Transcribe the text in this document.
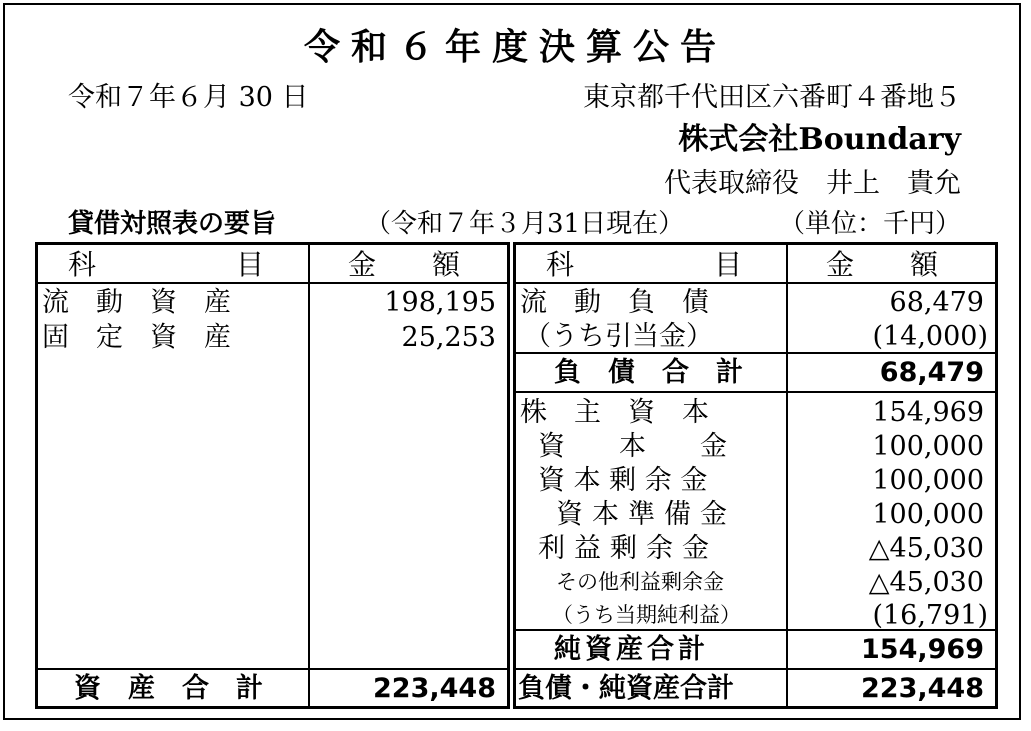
令和６年度決算公告
令和７年６月 30 日	東京都千代田区六番町４番地５
株式会社Boundary
代表取締役　井上　貴允
貸借対照表の要旨	（令和７年３月31日現在）	（単位：千円）
科　　　　　目	金　　額
流　動　資　産	198,195
固　定　資　産	25,253
資　産　合　計	223,448
科　　　　　目	金　　額
流　動　負　債	68,479
（うち引当金）	(14,000)
負　債　合　計	68,479
株　主　資　本	154,969
資　　本　　金	100,000
資 本 剰 余 金	100,000
資本準備金	100,000
利益剰余金	△45,030
その他利益剰余金	△45,030
（うち当期純利益）	(16,791)
純資産合計	154,969
負債・純資産合計	223,448
